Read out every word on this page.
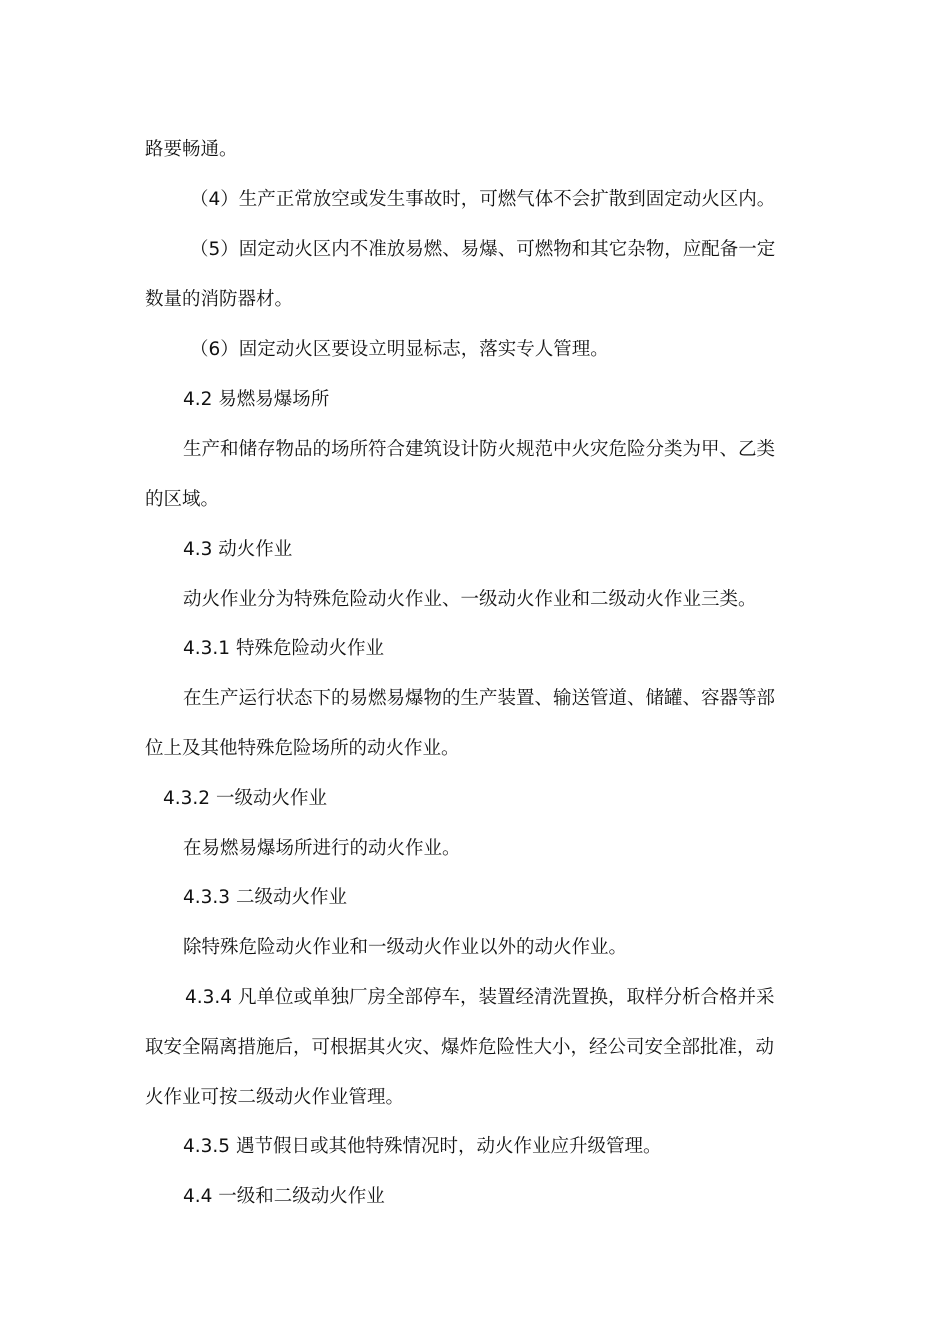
路要畅通。
（4）生产正常放空或发生事故时，可燃气体不会扩散到固定动火区内。
（5）固定动火区内不准放易燃、易爆、可燃物和其它杂物，应配备一定
数量的消防器材。
（6）固定动火区要设立明显标志，落实专人管理。
4.2 易燃易爆场所
生产和储存物品的场所符合建筑设计防火规范中火灾危险分类为甲、乙类
的区域。
4.3 动火作业
动火作业分为特殊危险动火作业、一级动火作业和二级动火作业三类。
4.3.1 特殊危险动火作业
在生产运行状态下的易燃易爆物的生产装置、输送管道、储罐、容器等部
位上及其他特殊危险场所的动火作业。
4.3.2 一级动火作业
在易燃易爆场所进行的动火作业。
4.3.3 二级动火作业
除特殊危险动火作业和一级动火作业以外的动火作业。
4.3.4 凡单位或单独厂房全部停车，装置经清洗置换，取样分析合格并采
取安全隔离措施后，可根据其火灾、爆炸危险性大小，经公司安全部批准，动
火作业可按二级动火作业管理。
4.3.5 遇节假日或其他特殊情况时，动火作业应升级管理。
4.4 一级和二级动火作业
